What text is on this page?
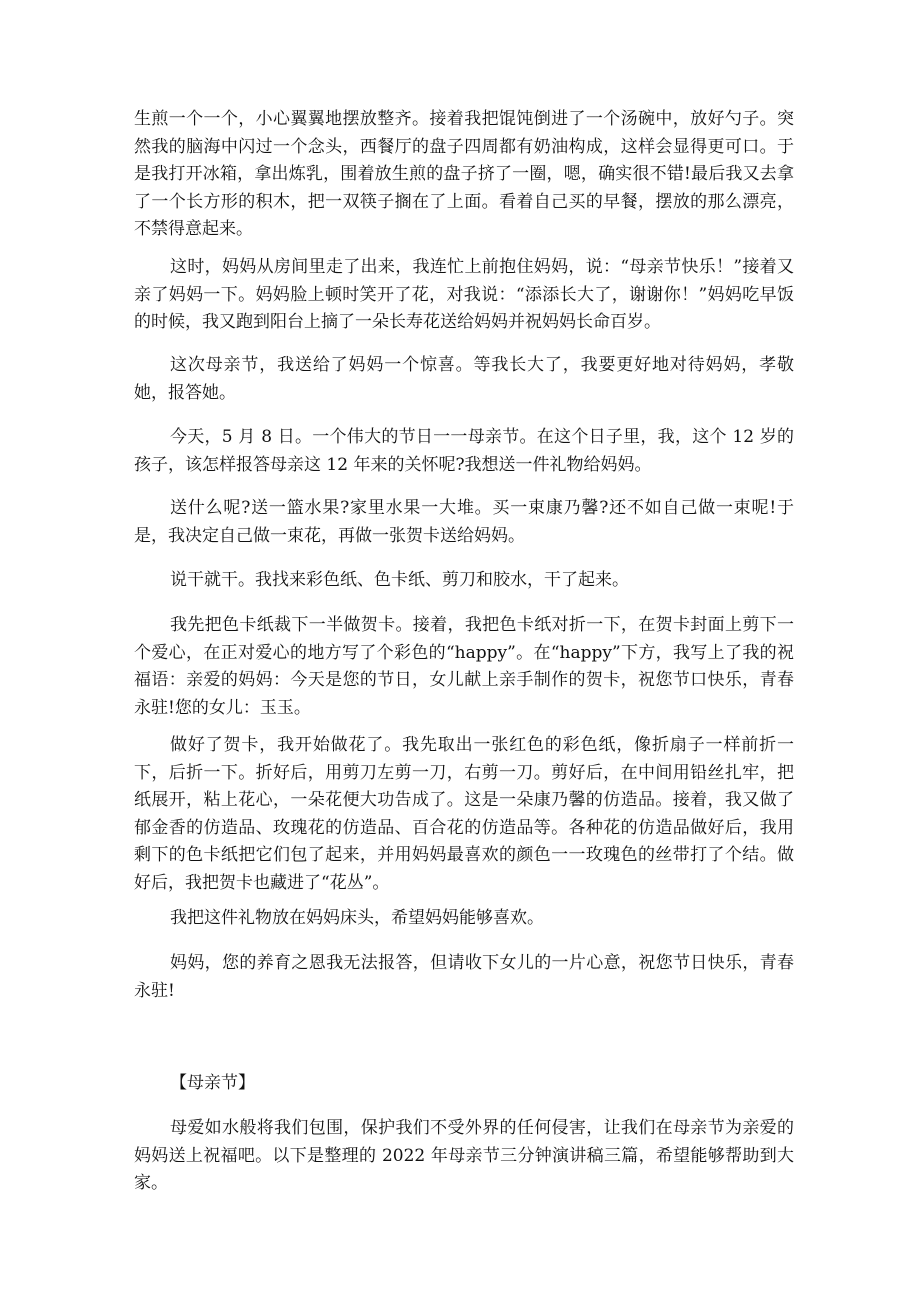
生煎一个一个，小心翼翼地摆放整齐。接着我把馄饨倒进了一个汤碗中，放好勺子。突然我的脑海中闪过一个念头，西餐厅的盘子四周都有奶油构成，这样会显得更可口。于是我打开冰箱，拿出炼乳，围着放生煎的盘子挤了一圈，嗯，确实很不错!最后我又去拿了一个长方形的积木，把一双筷子搁在了上面。看着自己买的早餐，摆放的那么漂亮，不禁得意起来。

这时，妈妈从房间里走了出来，我连忙上前抱住妈妈，说：“母亲节快乐！”接着又亲了妈妈一下。妈妈脸上顿时笑开了花，对我说：“添添长大了，谢谢你！”妈妈吃早饭的时候，我又跑到阳台上摘了一朵长寿花送给妈妈并祝妈妈长命百岁。

这次母亲节，我送给了妈妈一个惊喜。等我长大了，我要更好地对待妈妈，孝敬她，报答她。

今天，5 月 8 日。一个伟大的节日一一母亲节。在这个日子里，我，这个 12 岁的孩子，该怎样报答母亲这 12 年来的关怀呢?我想送一件礼物给妈妈。

送什么呢?送一篮水果?家里水果一大堆。买一束康乃馨?还不如自己做一束呢!于是，我决定自己做一束花，再做一张贺卡送给妈妈。

说干就干。我找来彩色纸、色卡纸、剪刀和胶水，干了起来。

我先把色卡纸裁下一半做贺卡。接着，我把色卡纸对折一下，在贺卡封面上剪下一个爱心，在正对爱心的地方写了个彩色的“happy”。在“happy”下方，我写上了我的祝福语：亲爱的妈妈：今天是您的节日，女儿献上亲手制作的贺卡，祝您节口快乐，青春永驻!您的女儿：玉玉。

做好了贺卡，我开始做花了。我先取出一张红色的彩色纸，像折扇子一样前折一下，后折一下。折好后，用剪刀左剪一刀，右剪一刀。剪好后，在中间用铅丝扎牢，把纸展开，粘上花心，一朵花便大功告成了。这是一朵康乃馨的仿造品。接着，我又做了郁金香的仿造品、玫瑰花的仿造品、百合花的仿造品等。各种花的仿造品做好后，我用剩下的色卡纸把它们包了起来，并用妈妈最喜欢的颜色一一玫瑰色的丝带打了个结。做好后，我把贺卡也藏进了“花丛”。

我把这件礼物放在妈妈床头，希望妈妈能够喜欢。

妈妈，您的养育之恩我无法报答，但请收下女儿的一片心意，祝您节日快乐，青春永驻!

【母亲节】

母爱如水般将我们包围，保护我们不受外界的任何侵害，让我们在母亲节为亲爱的妈妈送上祝福吧。以下是整理的 2022 年母亲节三分钟演讲稿三篇，希望能够帮助到大家。
